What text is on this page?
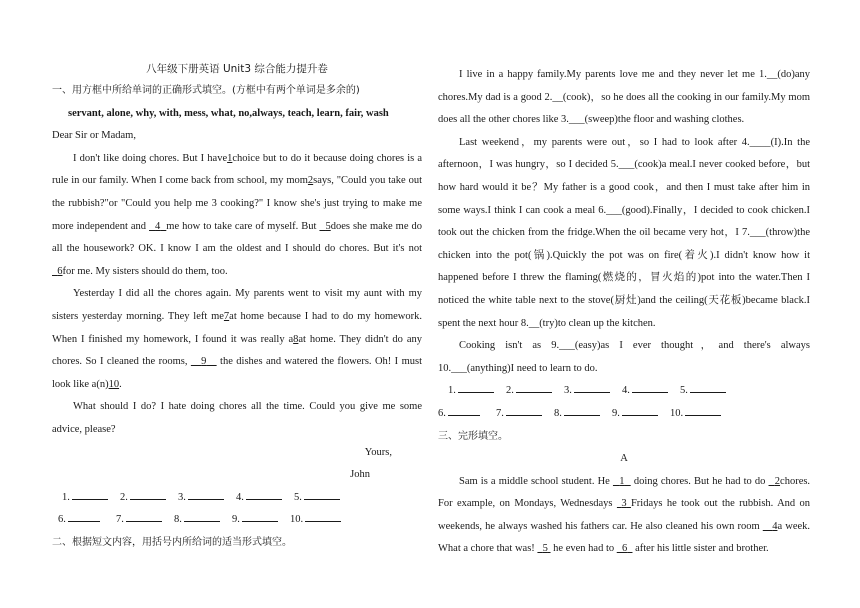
八年级下册英语 Unit3 综合能力提升卷
一、用方框中所给单词的正确形式填空。(方框中有两个单词是多余的)
servant, alone, why, with, mess, what, no,always, teach, learn, fair, wash
Dear Sir or Madam,

I don't like doing chores. But I have1choice but to do it because doing chores is a rule in our family. When I come back from school, my mom2says, "Could you take out the rubbish?"or "Could you help me 3 cooking?" I know she's just trying to make me more independent and 4 me how to take care of myself. But 5does she make me do all the housework? OK. I know I am the oldest and I should do chores. But it's not   6for me. My sisters should do them, too.

Yesterday I did all the chores again. My parents went to visit my aunt with my sisters yesterday morning. They left me7at home because I had to do my homework. When I finished my homework, I found it was really a8at home. They didn't do any chores. So I cleaned the rooms, 9 the dishes and watered the flowers. Oh! I must look like a(n)10.

What should I do? I hate doing chores all the time. Could you give me some advice, please?

Yours,
John
1.	2.	3.	4.	5.
6.	7.	8.	9.	10.
二、根据短文内容，用括号内所给词的适当形式填空。

I live in a happy family.My parents love me and they never let me 1.__(do)any chores.My dad is a good 2.__(cook)，so he does all the cooking in our family.My mom does all the other chores like 3.___(sweep)the floor and washing clothes.

Last weekend，my parents were out，so I had to look after 4.____(I).In the afternoon，I was hungry，so I decided 5.___(cook)a meal.I never cooked before，but how hard would it be？My father is a good cook，and then I must take after him in some ways.I think I can cook a meal 6.___(good).Finally，I decided to cook chicken.I took out the chicken from the fridge.When the oil became very hot，I 7.___(throw)the chicken into the pot(锅).Quickly the pot was on fire(着火).I didn't know how it happened before I threw the flaming(燃烧的，冒火焰的)pot into the water.Then I noticed the white table next to the stove(厨灶)and the ceiling(天花板)became black.I spent the next hour 8.__(try)to clean up the kitchen.

Cooking isn't as 9.___(easy)as I ever thought，and there's always 10.___(anything)I need to learn to do.

1.	2.	3.	4.	5.
6.	7.	8.	9.	10.
三、完形填空。
A

Sam is a middle school student. He 1 doing chores. But he had to do 2chores. For example, on Mondays, Wednesdays 3 Fridays he took out the rubbish. And on weekends, he always washed his fathers car. He also cleaned his own room 4a week. What a chore that was! 5 he even had to 6 after his little sister and brother.
